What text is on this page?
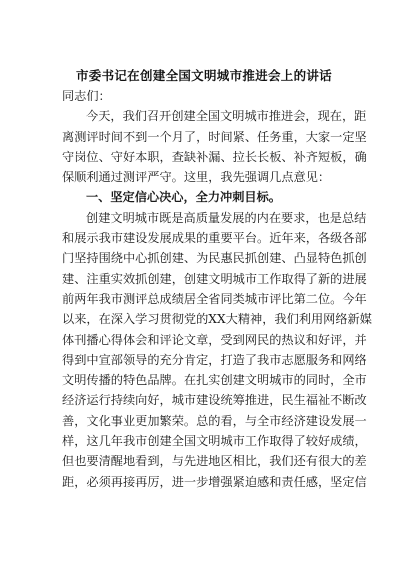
市委书记在创建全国文明城市推进会上的讲话
同志们：
今 天 ， 我 们 召 开 创 建 全 国 文 明 城 市 推 进 会 ， 现 在 ， 距
离 测 评 时 间 不 到 一 个 月 了 ， 时 间 紧 、 任 务 重 ， 大 家 一 定 坚
守 岗 位 、 守 好 本 职 ， 查 缺 补 漏 、 拉 长 长 板 、 补 齐 短 板 ， 确
保顺利通过测评严守。这里，我先强调几点意见：
一、坚定信心决心，全力冲刺目标。
创 建 文 明 城 市 既 是 高 质 量 发 展 的 内 在 要 求 ， 也 是 总 结
和 展 示 我 市 建 设 发 展 成 果 的 重 要 平 台 。 近 年 来 ， 各 级 各 部
门 坚 持 围 绕 中 心 抓 创 建 、 为 民 惠 民 抓 创 建 、 凸 显 特 色 抓 创
建 、 注 重 实 效 抓 创 建 ， 创 建 文 明 城 市 工 作 取 得 了 新 的 进 展
前 两 年 我 市 测 评 总 成 绩 居 全 省 同 类 城 市 评 比 第 二 位 。 今 年
以 来 ， 在 深 入 学 习 贯 彻 党 的 X X 大 精 神 ， 我 们 利 用 网 络 新 媒
体 刊 播 心 得 体 会 和 评 论 文 章 ， 受 到 网 民 的 热 议 和 好 评 ， 并
得 到 中 宣 部 领 导 的 充 分 肯 定 ， 打 造 了 我 市 志 愿 服 务 和 网 络
文 明 传 播 的 特 色 品 牌 。 在 扎 实 创 建 文 明 城 市 的 同 时 ， 全 市
经 济 运 行 持 续 向 好 ， 城 市 建 设 统 筹 推 进 ， 民 生 福 祉 不 断 改
善 ， 文 化 事 业 更 加 繁 荣 。 总 的 看 ， 与 全 市 经 济 建 设 发 展 一
样 ， 这 几 年 我 市 创 建 全 国 文 明 城 市 工 作 取 得 了 较 好 成 绩 ，
但 也 要 清 醒 地 看 到 ， 与 先 进 地 区 相 比 ， 我 们 还 有 很 大 的 差
距 ， 必 须 再 接 再 厉 ， 进 一 步 增 强 紧 迫 感 和 责 任 感 ， 坚 定 信
